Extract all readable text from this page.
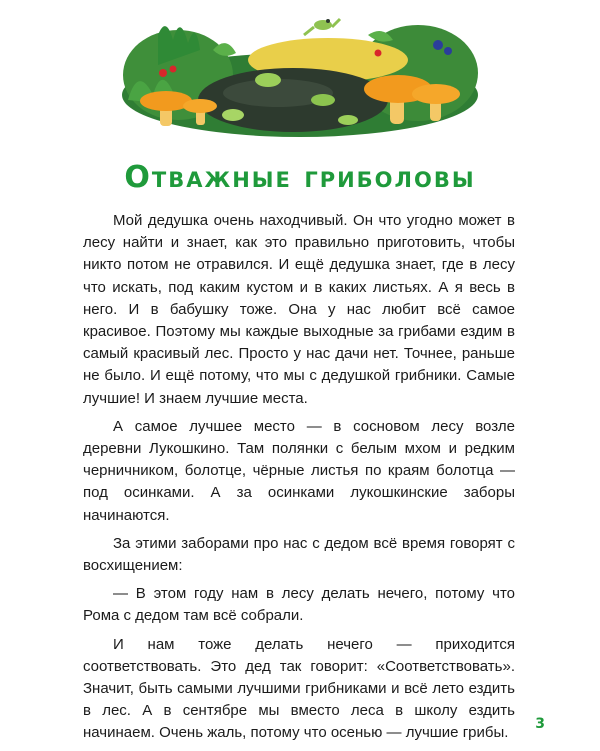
Отважные гриболовы

Мой дедушка очень находчивый. Он что угодно может в лесу найти и знает, как это правильно приготовить, чтобы никто потом не отравился. И ещё дедушка знает, где в лесу что искать, под каким кустом и в каких листьях. А я весь в него. И в бабушку тоже. Она у нас любит всё самое красивое. Поэтому мы каждые выходные за грибами ездим в самый красивый лес. Просто у нас дачи нет. Точнее, раньше не было. И ещё потому, что мы с дедушкой грибники. Самые лучшие! И знаем лучшие места.

А самое лучшее место — в сосновом лесу возле деревни Лукошкино. Там полянки с белым мхом и редким черничником, болотце, чёрные листья по краям болотца — под осинками. А за осинками лукошкинские заборы начинаются.

За этими заборами про нас с дедом всё время говорят с восхищением:

— В этом году нам в лесу делать нечего, потому что Рома с дедом там всё собрали.

И нам тоже делать нечего — приходится соответствовать. Это дед так говорит: «Соответствовать». Значит, быть самыми лучшими грибниками и всё лето ездить в лес. А в сентябре мы вместо леса в школу ездить начинаем. Очень жаль, потому что осенью — лучшие грибы.

3
